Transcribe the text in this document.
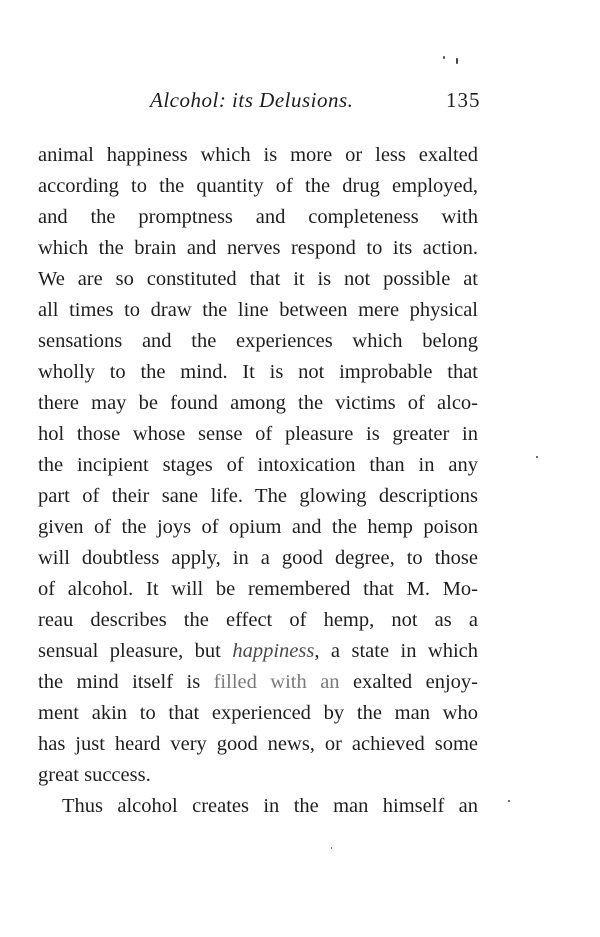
Alcohol: its Delusions.	135
animal happiness which is more or less exalted
according to the quantity of the drug employed,
and the promptness and completeness with
which the brain and nerves respond to its action.
We are so constituted that it is not possible at
all times to draw the line between mere physical
sensations and the experiences which belong
wholly to the mind. It is not improbable that
there may be found among the victims of alco-
hol those whose sense of pleasure is greater in
the incipient stages of intoxication than in any
part of their sane life. The glowing descriptions
given of the joys of opium and the hemp poison
will doubtless apply, in a good degree, to those
of alcohol. It will be remembered that M. Mo-
reau describes the effect of hemp, not as a
sensual pleasure, but happiness, a state in which
the mind itself is filled with an exalted enjoy-
ment akin to that experienced by the man who
has just heard very good news, or achieved some
great success.
Thus alcohol creates in the man himself an
